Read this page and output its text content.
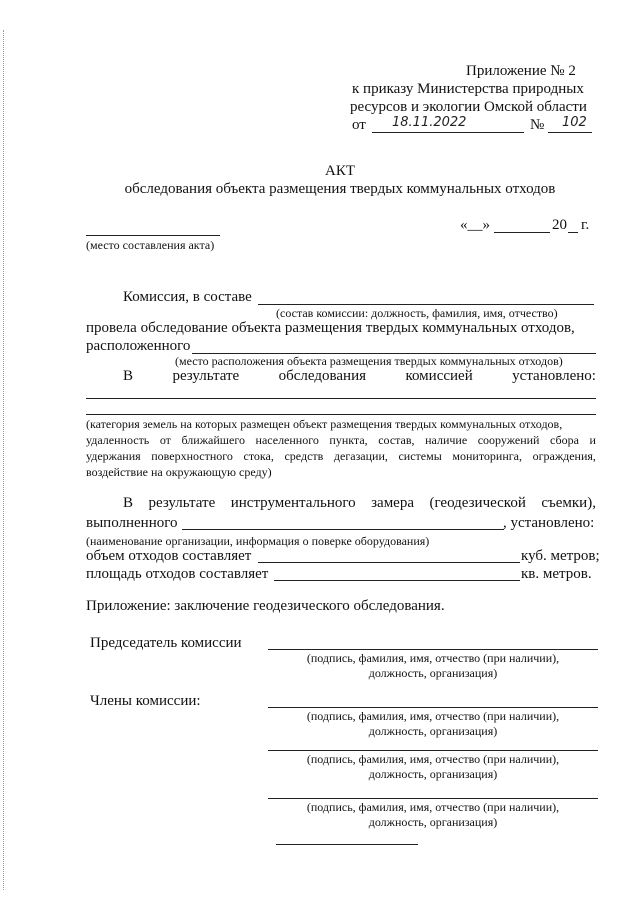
Приложение № 2
к приказу Министерства природных
ресурсов и экологии Омской области
от 18.11.2022	№ 102
АКТ
обследования объекта размещения твердых коммунальных отходов
«__»	20 г.
(место составления акта)
Комиссия, в составе
(состав комиссии: должность, фамилия, имя, отчество)
провела обследование объекта размещения твердых коммунальных отходов,
расположенного
(место расположения объекта размещения твердых коммунальных отходов)
В	результате	обследования	комиссией	установлено:
(категория земель на которых размещен объект размещения твердых коммунальных отходов,
удаленность от ближайшего населенного пункта, состав, наличие сооружений сбора и
удержания поверхностного стока, средств дегазации, системы мониторинга, ограждения,
воздействие на окружающую среду)
В результате инструментального замера (геодезической съемки),
выполненного	, установлено:
(наименование организации, информация о поверке оборудования)
объем отходов составляет	куб. метров;
площадь отходов составляет	кв. метров.
Приложение: заключение геодезического обследования.
Председатель комиссии
(подпись, фамилия, имя, отчество (при наличии),
должность, организация)
Члены комиссии:
(подпись, фамилия, имя, отчество (при наличии),
должность, организация)
(подпись, фамилия, имя, отчество (при наличии),
должность, организация)
(подпись, фамилия, имя, отчество (при наличии),
должность, организация)
